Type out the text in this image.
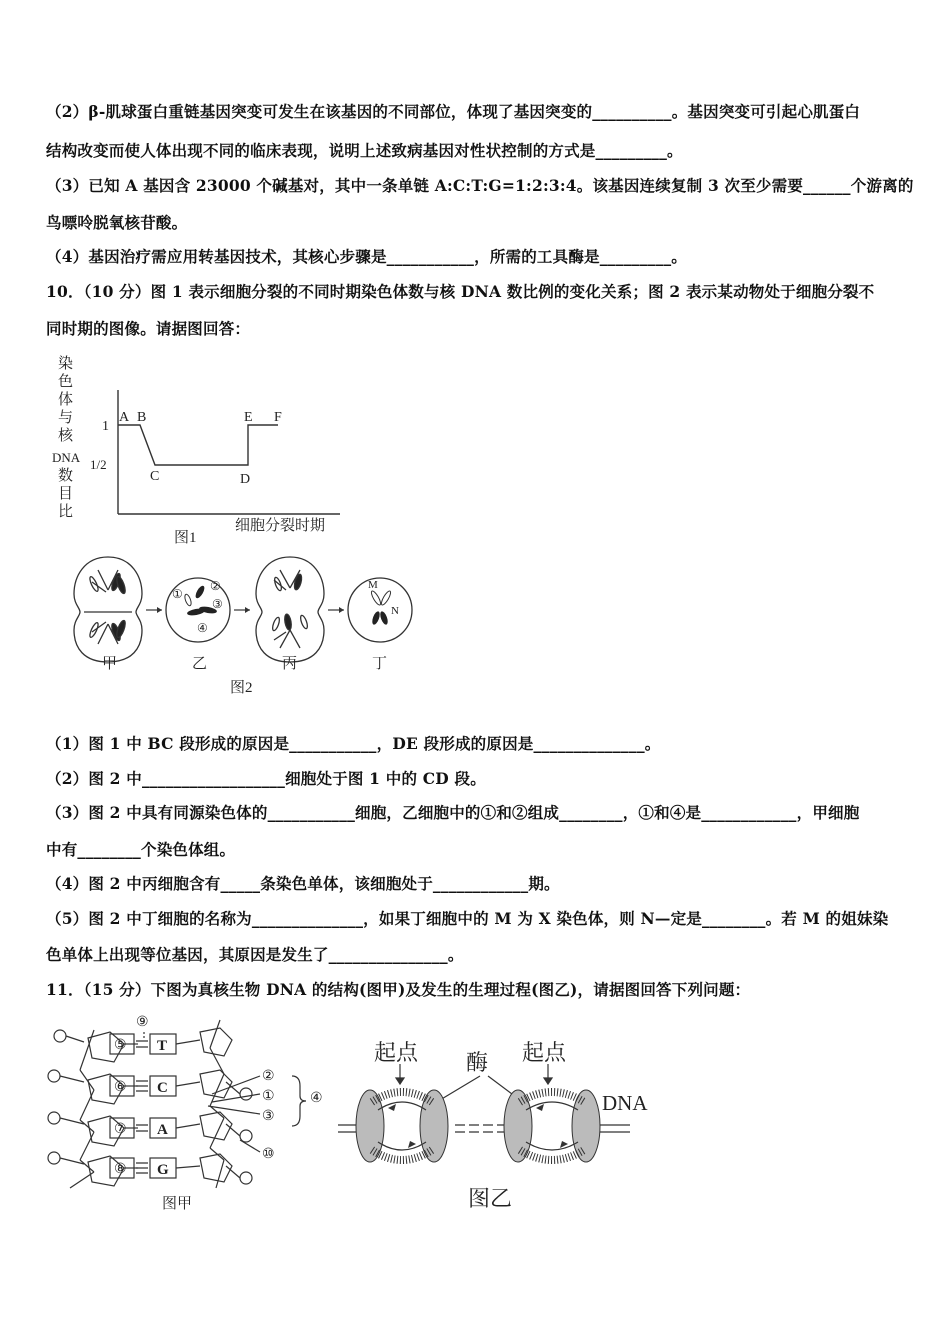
（2）β-肌球蛋白重链基因突变可发生在该基因的不同部位，体现了基因突变的__________。基因突变可引起心肌蛋白
结构改变而使人体出现不同的临床表现，说明上述致病基因对性状控制的方式是_________。
（3）已知 A 基因含 23000 个碱基对，其中一条单链 A:C:T:G=1:2:3:4。该基因连续复制 3 次至少需要______个游离的
鸟嘌呤脱氧核苷酸。
（4）基因治疗需应用转基因技术，其核心步骤是___________，所需的工具酶是_________。
10．（10 分）图 1 表示细胞分裂的不同时期染色体数与核 DNA 数比例的变化关系；图 2 表示某动物处于细胞分裂不
同时期的图像。请据图回答：
（1）图 1 中 BC 段形成的原因是___________，DE 段形成的原因是______________。
（2）图 2 中__________________细胞处于图 1 中的 CD 段。
（3）图 2 中具有同源染色体的___________细胞，乙细胞中的①和②组成________，①和④是____________，甲细胞
中有________个染色体组。
（4）图 2 中丙细胞含有_____条染色单体，该细胞处于____________期。
（5）图 2 中丁细胞的名称为______________，如果丁细胞中的 M 为 X 染色体，则 N—定是________。若 M 的姐妹染
色单体上出现等位基因，其原因是发生了_______________。
11．（15 分）下图为真核生物 DNA 的结构(图甲)及发生的生理过程(图乙)，请据图回答下列问题：
染
色
体
与
核
DNA
数
目
比
1
1/2
A B
C	D
E F
细胞分裂时期
图1
①
②
③
④
M
N
甲	乙	丙	丁
图2
⑤
⑥
⑦
⑧
T
C
A
G
⑨
②
①
③
④
⑩
图甲
起点	起点
酶
DNA
图乙
